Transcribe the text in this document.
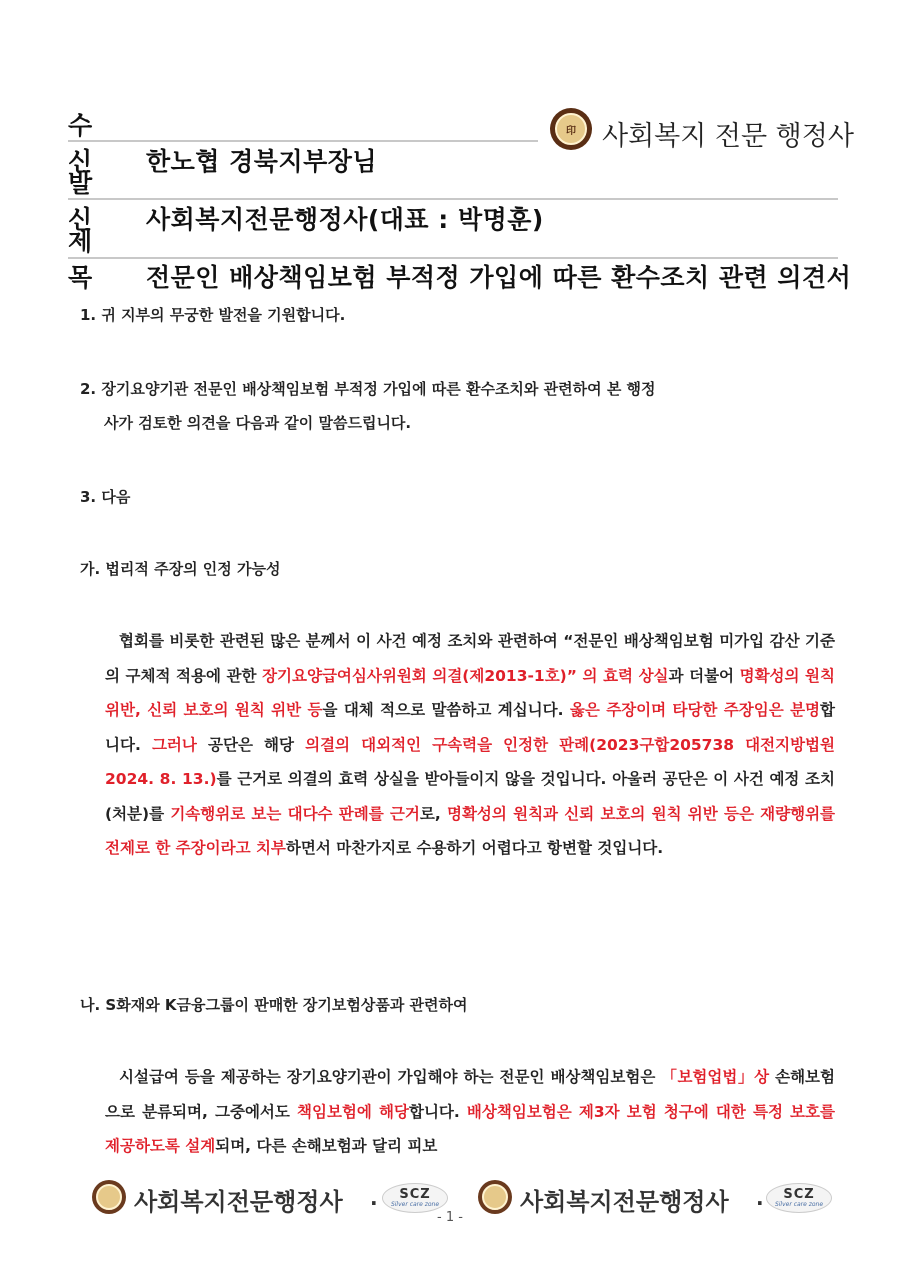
수 신 한노협 경북지부장님
印 사회복지 전문 행정사
발 신 사회복지전문행정사(대표 : 박명훈)
제 목 전문인 배상책임보험 부적정 가입에 따른 환수조치 관련 의견서
1. 귀 지부의 무궁한 발전을 기원합니다.
2. 장기요양기관 전문인 배상책임보험 부적정 가입에 따른 환수조치와 관련하여 본 행정
사가 검토한 의견을 다음과 같이 말씀드립니다.
3. 다음
가. 법리적 주장의 인정 가능성
협회를 비롯한 관련된 많은 분께서 이 사건 예정 조치와 관련하여 “전문인 배상책임보험 미가입 감산 기준의 구체적 적용에 관한 장기요양급여심사위원회 의결(제2013-1호)” 의 효력 상실과 더불어 명확성의 원칙 위반, 신뢰 보호의 원칙 위반 등을 대체 적으로 말씀하고 계십니다. 옳은 주장이며 타당한 주장임은 분명합니다. 그러나 공단은 해당 의결의 대외적인 구속력을 인정한 판례(2023구합205738 대전지방법원 2024. 8. 13.)를 근거로 의결의 효력 상실을 받아들이지 않을 것입니다. 아울러 공단은 이 사건 예정 조치(처분)를 기속행위로 보는 대다수 판례를 근거로, 명확성의 원칙과 신뢰 보호의 원칙 위반 등은 재량행위를 전제로 한 주장이라고 치부하면서 마찬가지로 수용하기 어렵다고 항변할 것입니다.
나. S화재와 K금융그룹이 판매한 장기보험상품과 관련하여
시설급여 등을 제공하는 장기요양기관이 가입해야 하는 전문인 배상책임보험은 「보험업법」상 손해보험으로 분류되며, 그중에서도 책임보험에 해당합니다. 배상책임보험은 제3자 보험 청구에 대한 특정 보호를 제공하도록 설계되며, 다른 손해보험과 달리 피보
사회복지전문행정사 . SCZ
Silver care zone	사회복지전문행정사 . SCZ
Silver care zone
- 1 -
